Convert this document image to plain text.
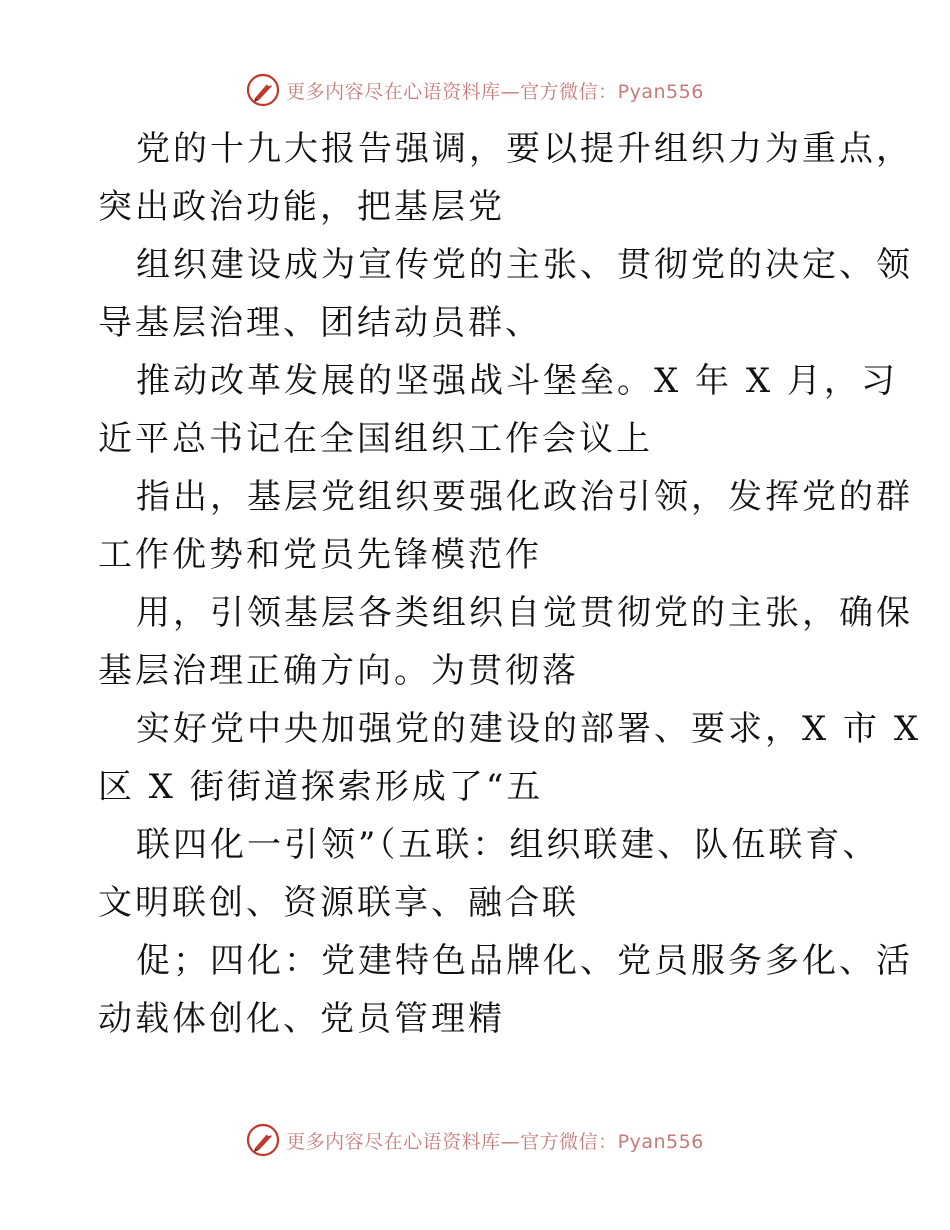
更多内容尽在心语资料库—官方微信：Pyan556

党的十九大报告强调，要以提升组织力为重点，
突出政治功能，把基层党

组织建设成为宣传党的主张、贯彻党的决定、领
导基层治理、团结动员群、

推动改革发展的坚强战斗堡垒。X 年 X 月，习
近平总书记在全国组织工作会议上

指出，基层党组织要强化政治引领，发挥党的群
工作优势和党员先锋模范作

用，引领基层各类组织自觉贯彻党的主张，确保
基层治理正确方向。为贯彻落

实好党中央加强党的建设的部署、要求，X 市 X
区 X 街街道探索形成了“五

联四化一引领”（五联：组织联建、队伍联育、
文明联创、资源联享、融合联

促；四化：党建特色品牌化、党员服务多化、活
动载体创化、党员管理精

更多内容尽在心语资料库—官方微信：Pyan556
